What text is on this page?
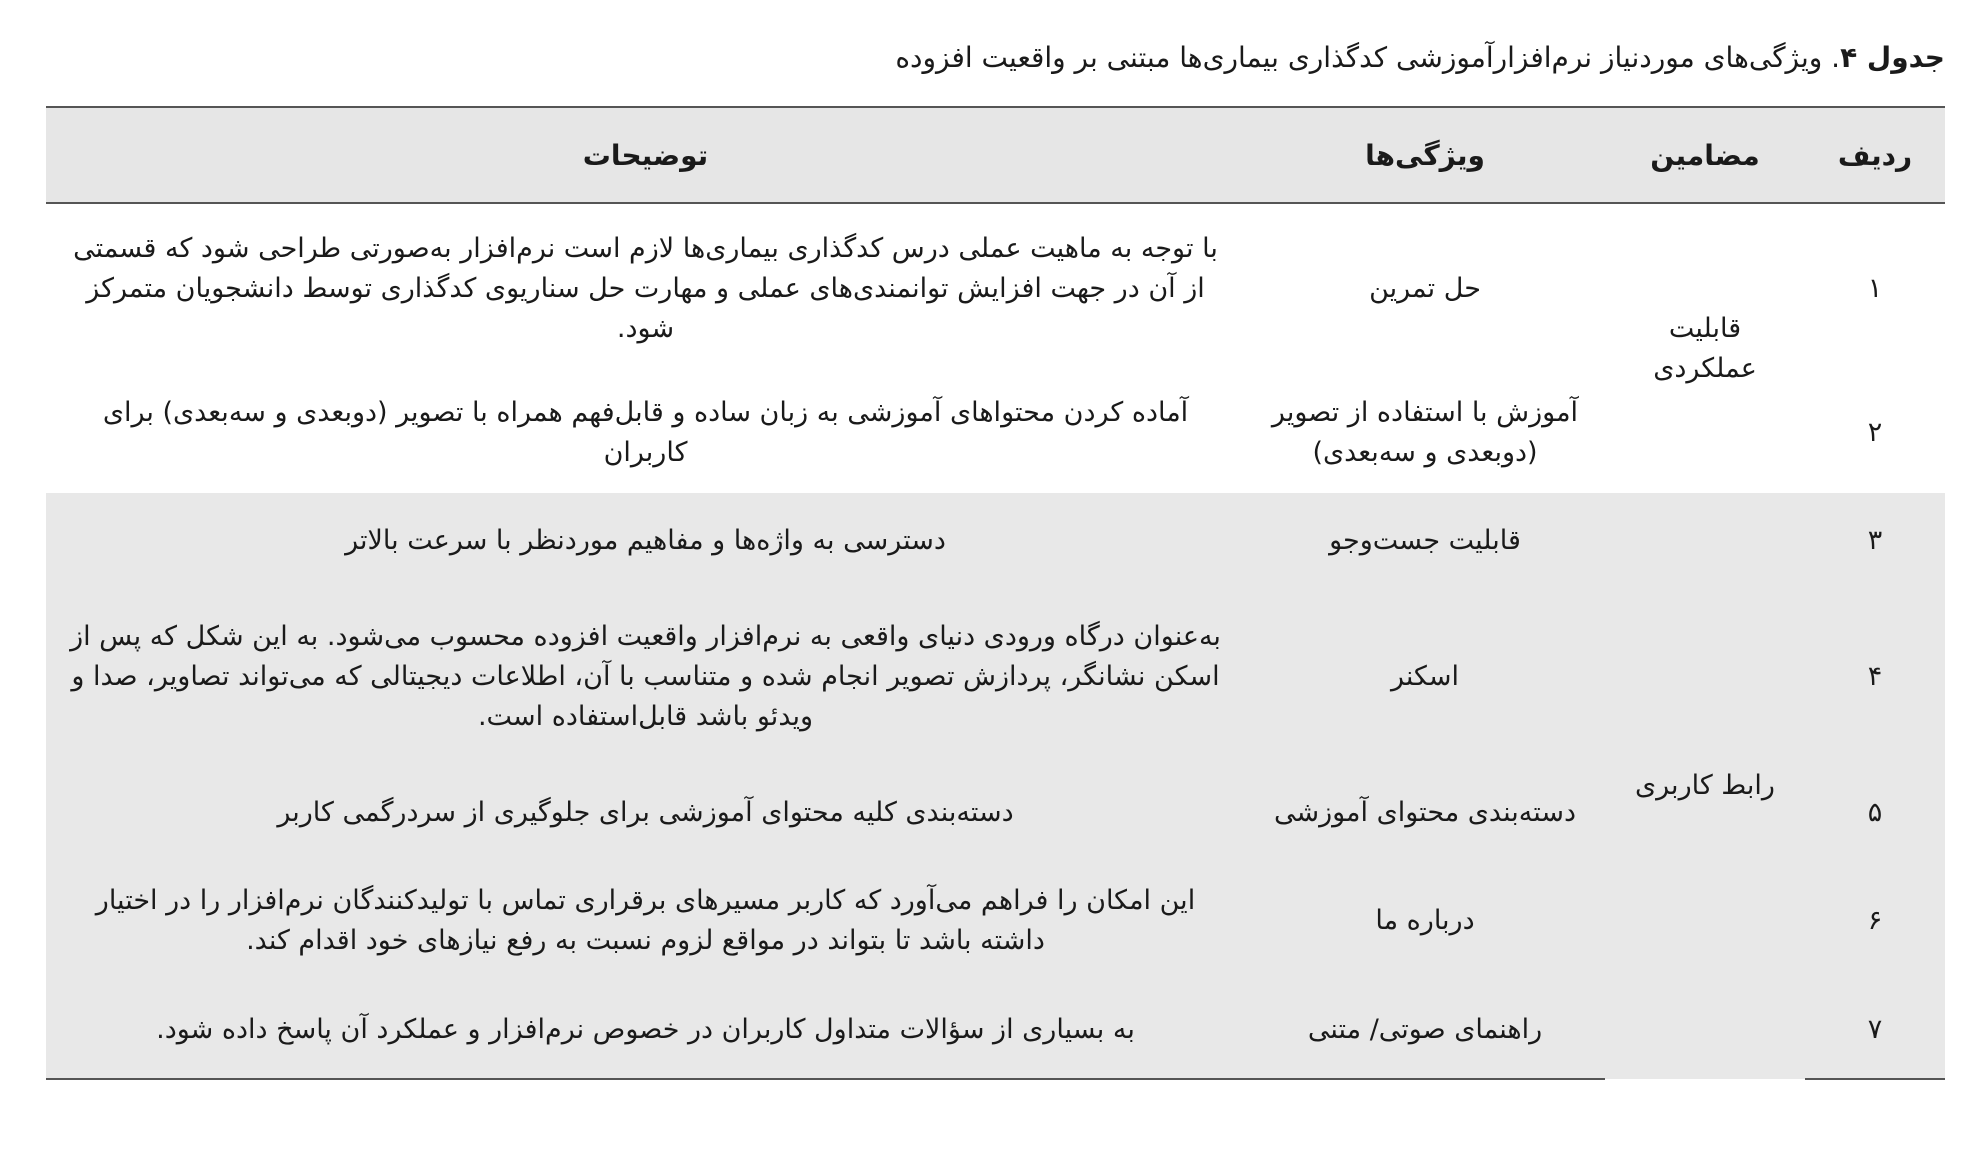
جدول ۴. ویژگی‌های موردنیاز نرم‌افزارآموزشی کدگذاری بیماری‌ها مبتنی بر واقعیت افزوده
ردیف	مضامین	ویژگی‌ها	توضیحات
۱	قابلیت عملکردی	حل تمرین	با توجه به ماهیت عملی درس کدگذاری بیماری‌ها لازم است نرم‌افزار به‌صورتی طراحی شود که قسمتی از آن در جهت افزایش توانمندی‌های عملی و مهارت حل سناریوی کدگذاری توسط دانشجویان متمرکز شود.
۲		آموزش با استفاده از تصویر (دوبعدی و سه‌بعدی)	آماده کردن محتواهای آموزشی به زبان ساده و قابل‌فهم همراه با تصویر (دوبعدی و سه‌بعدی) برای کاربران
۳	رابط کاربری	قابلیت جست‌وجو	دسترسی به واژه‌ها و مفاهیم موردنظر با سرعت بالاتر
۴		اسکنر	به‌عنوان درگاه ورودی دنیای واقعی به نرم‌افزار واقعیت افزوده محسوب می‌شود. به این شکل که پس از اسکن نشانگر، پردازش تصویر انجام شده و متناسب با آن، اطلاعات دیجیتالی که می‌تواند تصاویر، صدا و ویدئو باشد قابل‌استفاده است.
۵		دسته‌بندی محتوای آموزشی	دسته‌بندی کلیه محتوای آموزشی برای جلوگیری از سردرگمی کاربر
۶		درباره ما	این امکان را فراهم می‌آورد که کاربر مسیرهای برقراری تماس با تولیدکنندگان نرم‌افزار را در اختیار داشته باشد تا بتواند در مواقع لزوم نسبت به رفع نیازهای خود اقدام کند.
۷		راهنمای صوتی/ متنی	به بسیاری از سؤالات متداول کاربران در خصوص نرم‌افزار و عملکرد آن پاسخ داده شود.
